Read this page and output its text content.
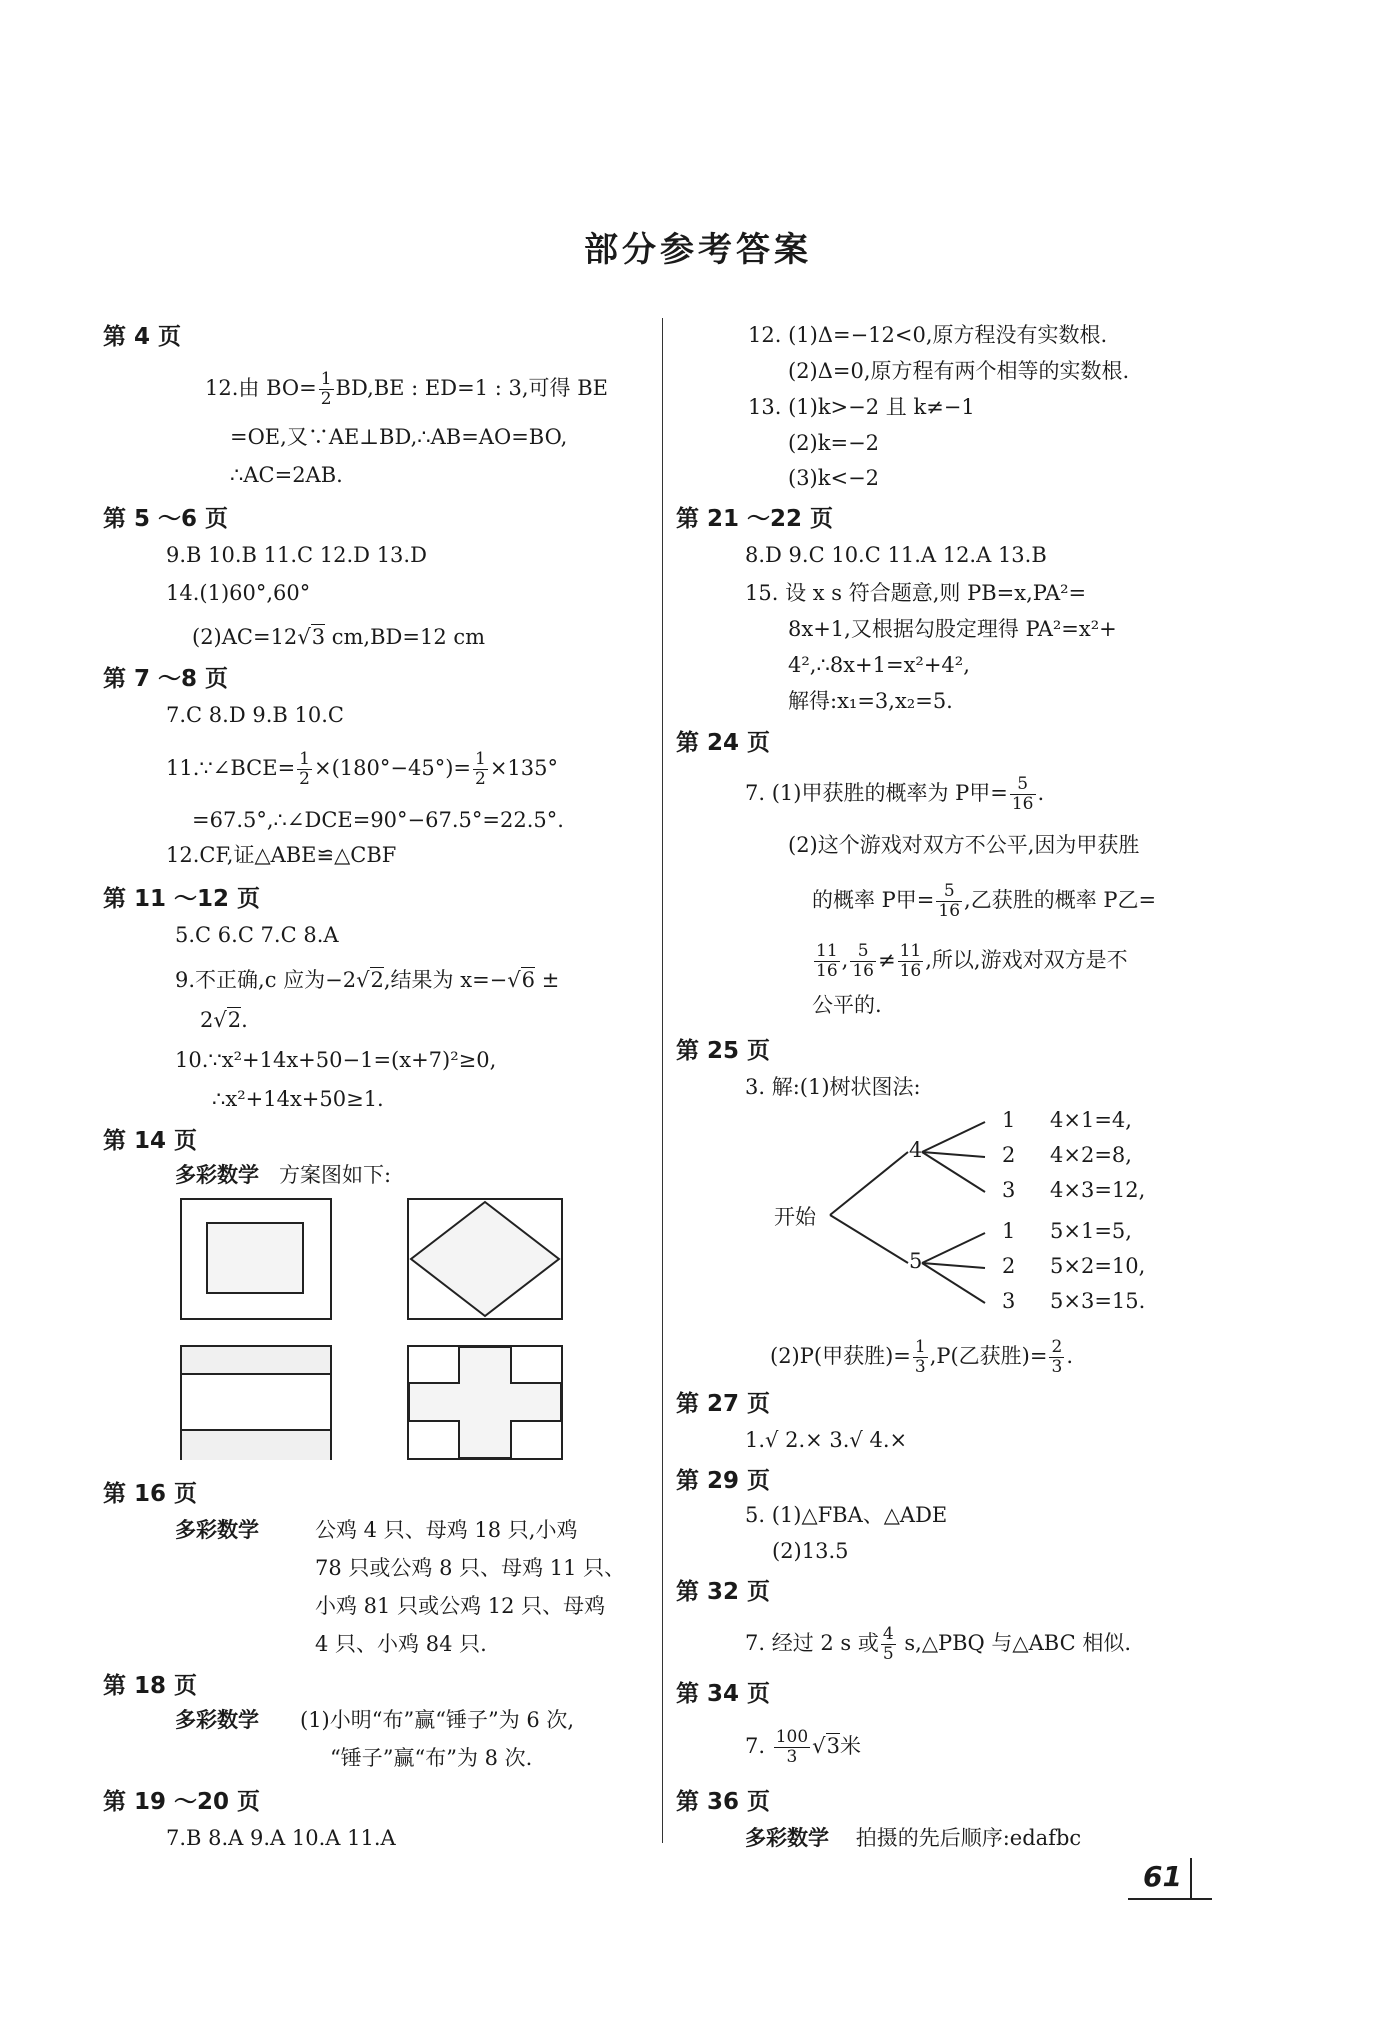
部分参考答案
第 4 页
12.由 $BO= \frac{1}{2} BD,BE$ : ED=1 : 3,可得 BE
=OE,又∵AE⊥BD,∴AB=AO=BO,
∴AC=2AB.
第 5 ～6 页
9.B 10.B 11.C 12.D 13.D
14.(1)60°,60°
(2)AC=12√3 cm,BD=12 cm
第 7 ～8 页
7.C 8.D 9.B 10.C
11.∵∠BCE= $\frac{1}{2} \times(180^\circ-45^\circ)= \frac{1}{2} \times 135^\circ$
=67.5°,∴∠DCE=90°−67.5°=22.5°.
12.CF,证△ABE≌△CBF
第 11 ～12 页
5.C 6.C 7.C 8.A
9.不正确,c 应为−2√2,结果为 x=−√6 ±
2√2.
10.∵x²+14x+50−1=(x+7)²≥0,
∴x²+14x+50≥1.
第 14 页
多彩数学 方案图如下:
第 16 页
多彩数学	公鸡 4 只、母鸡 18 只,小鸡
78 只或公鸡 8 只、母鸡 11 只、
小鸡 81 只或公鸡 12 只、母鸡
4 只、小鸡 84 只.
第 18 页
多彩数学 (1)小明“布”赢“锤子”为 6 次,
“锤子”赢“布”为 8 次.
第 19 ～20 页
7.B 8.A 9.A 10.A 11.A
12. (1)Δ=−12<0,原方程没有实数根.
(2)Δ=0,原方程有两个相等的实数根.
13. (1)k>−2 且 k≠−1
(2)k=−2
(3)k<−2
第 21 ～22 页
8.D 9.C 10.C 11.A 12.A 13.B
15. 设 x s 符合题意,则 PB=x,PA²=
8x+1,又根据勾股定理得 PA²=x²+
4²,∴8x+1=x²+4²,
解得:x₁=3,x₂=5.
第 24 页
7. (1)甲获胜的概率为 P甲= $\frac{5}{16}$ .
(2)这个游戏对双方不公平,因为甲获胜
的概率 P甲= $\frac{5}{16}$ ,乙获胜的概率 P乙=
$\frac{11}{16}$ , $\frac{5}{16} \ne \frac{11}{16}$ ,所以,游戏对双方是不
公平的.
第 25 页
3. 解:(1)树状图法:
开始
4
5
1
2
3
1
2
3
4×1=4,
4×2=8,
4×3=12,
5×1=5,
5×2=10,
5×3=15.
(2)P(甲获胜)= $\frac{1}{3} ,P$(乙获胜)= $\frac{2}{3}$ .
第 27 页
1.√ 2.× 3.√ 4.×
第 29 页
5. (1)△FBA、△ADE
(2)13.5
第 32 页
7. 经过 2 s 或 $\frac{4}{5}$ s,△PBQ 与△ABC 相似.
第 34 页
7. $\frac{100}{3} √3$米
第 36 页
多彩数学 拍摄的先后顺序:edafbc
61
